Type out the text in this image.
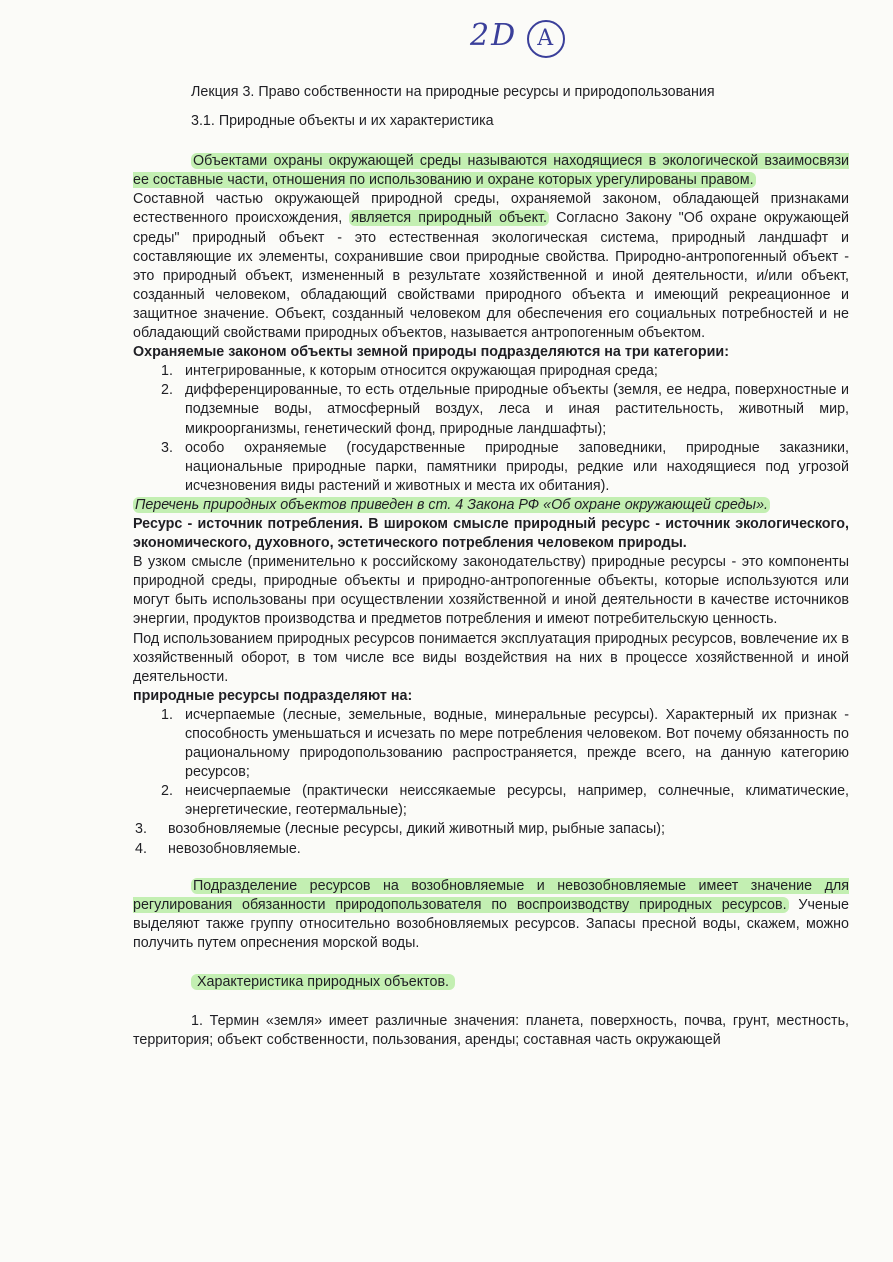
2D A
Лекция 3. Право собственности на природные ресурсы и природопользования
3.1. Природные объекты и их характеристика

Объектами охраны окружающей среды называются находящиеся в экологической взаимосвязи ее составные части, отношения по использованию и охране которых урегулированы правом.

Составной частью окружающей природной среды, охраняемой законом, обладающей признаками естественного происхождения, является природный объект. Согласно Закону "Об охране окружающей среды" природный объект - это естественная экологическая система, природный ландшафт и составляющие их элементы, сохранившие свои природные свойства. Природно-антропогенный объект - это природный объект, измененный в результате хозяйственной и иной деятельности, и/или объект, созданный человеком, обладающий свойствами природного объекта и имеющий рекреационное и защитное значение. Объект, созданный человеком для обеспечения его социальных потребностей и не обладающий свойствами природных объектов, называется антропогенным объектом.

Охраняемые законом объекты земной природы подразделяются на три категории:

1. интегрированные, к которым относится окружающая природная среда;
2. дифференцированные, то есть отдельные природные объекты (земля, ее недра, поверхностные и подземные воды, атмосферный воздух, леса и иная растительность, животный мир, микроорганизмы, генетический фонд, природные ландшафты);
3. особо охраняемые (государственные природные заповедники, природные заказники, национальные природные парки, памятники природы, редкие или находящиеся под угрозой исчезновения виды растений и животных и места их обитания).

Перечень природных объектов приведен в ст. 4 Закона РФ «Об охране окружающей среды».

Ресурс - источник потребления. В широком смысле природный ресурс - источник экологического, экономического, духовного, эстетического потребления человеком природы.

В узком смысле (применительно к российскому законодательству) природные ресурсы - это компоненты природной среды, природные объекты и природно-антропогенные объекты, которые используются или могут быть использованы при осуществлении хозяйственной и иной деятельности в качестве источников энергии, продуктов производства и предметов потребления и имеют потребительскую ценность.

Под использованием природных ресурсов понимается эксплуатация природных ресурсов, вовлечение их в хозяйственный оборот, в том числе все виды воздействия на них в процессе хозяйственной и иной деятельности.

природные ресурсы подразделяют на:

1. исчерпаемые (лесные, земельные, водные, минеральные ресурсы). Характерный их признак - способность уменьшаться и исчезать по мере потребления человеком. Вот почему обязанность по рациональному природопользованию распространяется, прежде всего, на данную категорию ресурсов;
2. неисчерпаемые (практически неиссякаемые ресурсы, например, солнечные, климатические, энергетические, геотермальные);
3. возобновляемые (лесные ресурсы, дикий животный мир, рыбные запасы);
4. невозобновляемые.

Подразделение ресурсов на возобновляемые и невозобновляемые имеет значение для регулирования обязанности природопользователя по воспроизводству природных ресурсов. Ученые выделяют также группу относительно возобновляемых ресурсов. Запасы пресной воды, скажем, можно получить путем опреснения морской воды.

Характеристика природных объектов.

1. Термин «земля» имеет различные значения: планета, поверхность, почва, грунт, местность, территория; объект собственности, пользования, аренды; составная часть окружающей
